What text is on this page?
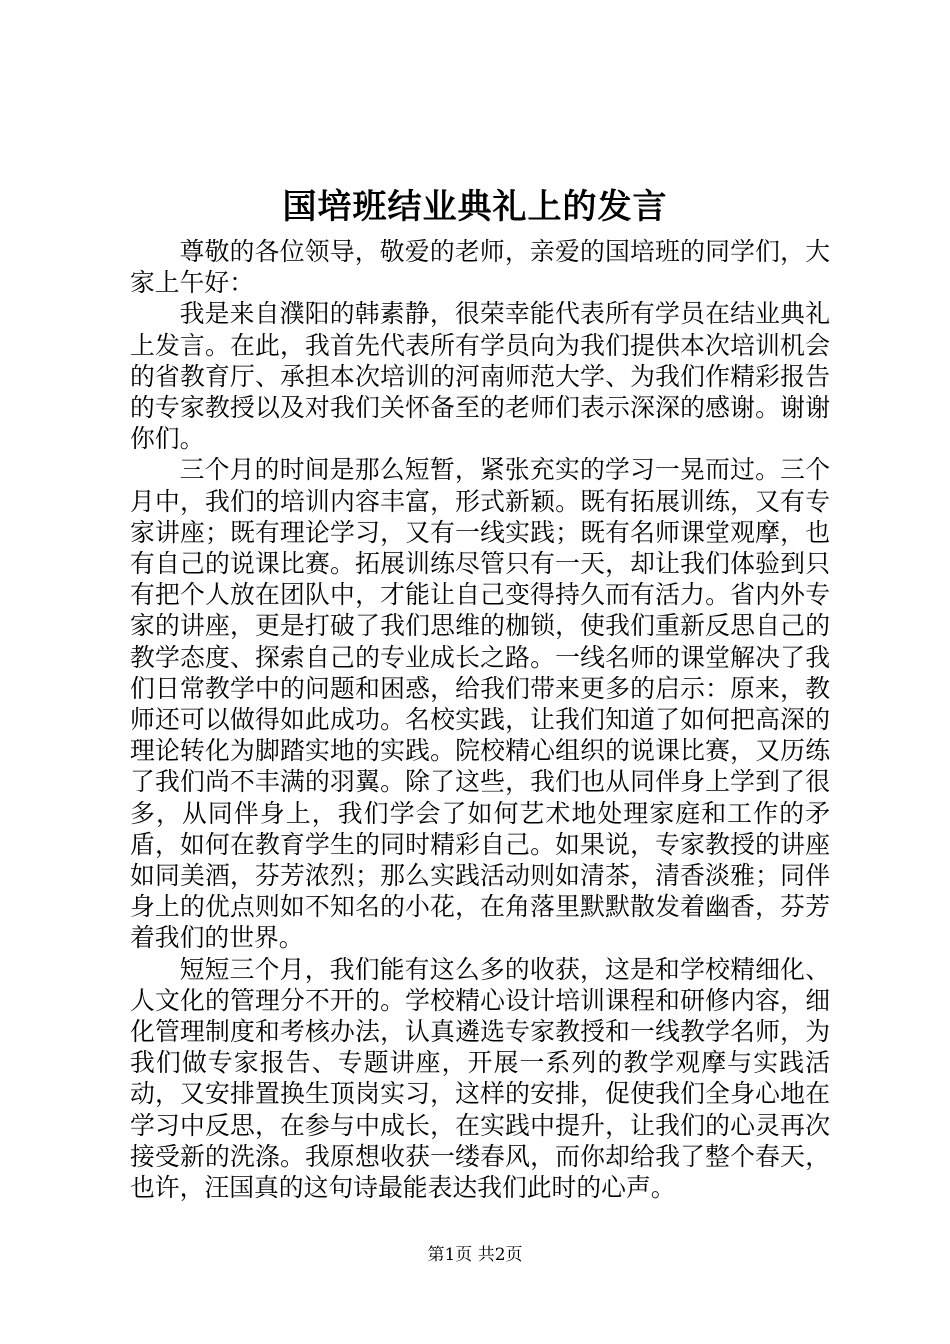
国培班结业典礼上的发言

尊敬的各位领导，敬爱的老师，亲爱的国培班的同学们，大家上午好：

我是来自濮阳的韩素静，很荣幸能代表所有学员在结业典礼上发言。在此，我首先代表所有学员向为我们提供本次培训机会的省教育厅、承担本次培训的河南师范大学、为我们作精彩报告的专家教授以及对我们关怀备至的老师们表示深深的感谢。谢谢你们。

三个月的时间是那么短暂，紧张充实的学习一晃而过。三个月中，我们的培训内容丰富，形式新颖。既有拓展训练，又有专家讲座；既有理论学习，又有一线实践；既有名师课堂观摩，也有自己的说课比赛。拓展训练尽管只有一天，却让我们体验到只有把个人放在团队中，才能让自己变得持久而有活力。省内外专家的讲座，更是打破了我们思维的枷锁，使我们重新反思自己的教学态度、探索自己的专业成长之路。一线名师的课堂解决了我们日常教学中的问题和困惑，给我们带来更多的启示：原来，教师还可以做得如此成功。名校实践，让我们知道了如何把高深的理论转化为脚踏实地的实践。院校精心组织的说课比赛，又历练了我们尚不丰满的羽翼。除了这些，我们也从同伴身上学到了很多，从同伴身上，我们学会了如何艺术地处理家庭和工作的矛盾，如何在教育学生的同时精彩自己。如果说，专家教授的讲座如同美酒，芬芳浓烈；那么实践活动则如清茶，清香淡雅；同伴身上的优点则如不知名的小花，在角落里默默散发着幽香，芬芳着我们的世界。

短短三个月，我们能有这么多的收获，这是和学校精细化、人文化的管理分不开的。学校精心设计培训课程和研修内容，细化管理制度和考核办法，认真遴选专家教授和一线教学名师，为我们做专家报告、专题讲座，开展一系列的教学观摩与实践活动，又安排置换生顶岗实习，这样的安排，促使我们全身心地在学习中反思，在参与中成长，在实践中提升，让我们的心灵再次接受新的洗涤。我原想收获一缕春风，而你却给我了整个春天，也许，汪国真的这句诗最能表达我们此时的心声。

第1页 共2页
